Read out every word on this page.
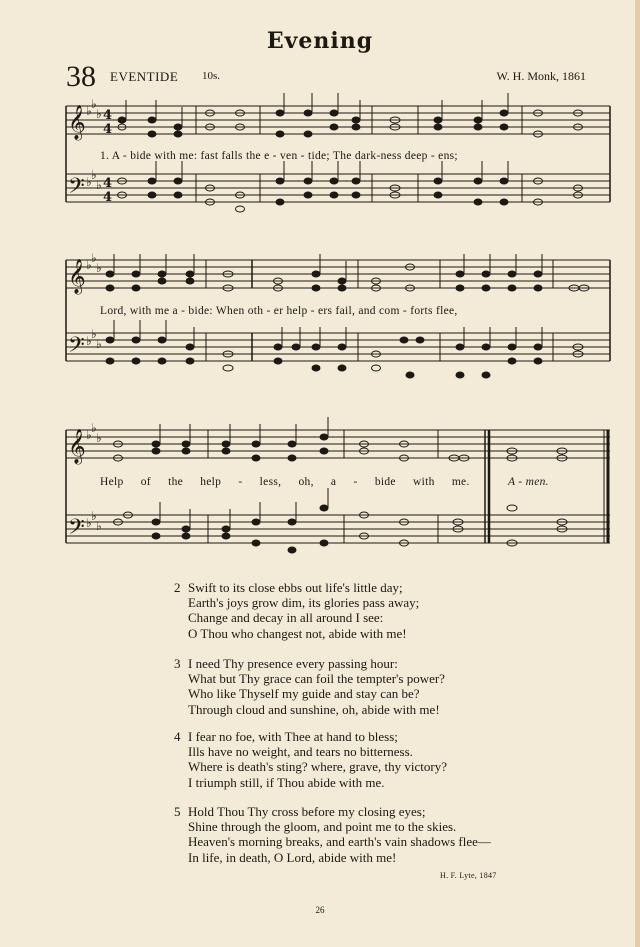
Evening
38 EVENTIDE 10s.	W. H. Monk, 1861
𝄞
𝄢
𝄞
𝄢
𝄞
𝄢
♭ ♭
♭
♭ ♭
♭
♭ ♭
♭
♭ ♭
♭
♭ ♭
♭
♭ ♭
♭
4
4
4
4
1. A - bide with me: fast falls the e - ven - tide; The dark-ness deep - ens;
Lord, with me a - bide: When oth - er help - ers fail, and com - forts flee,
Help of the help - less, oh, a - bide with me.	A - men.
2 Swift to its close ebbs out life's little day;
Earth's joys grow dim, its glories pass away;
Change and decay in all around I see:
O Thou who changest not, abide with me!
3 I need Thy presence every passing hour:
What but Thy grace can foil the tempter's power?
Who like Thyself my guide and stay can be?
Through cloud and sunshine, oh, abide with me!
4 I fear no foe, with Thee at hand to bless;
Ills have no weight, and tears no bitterness.
Where is death's sting? where, grave, thy victory?
I triumph still, if Thou abide with me.
5 Hold Thou Thy cross before my closing eyes;
Shine through the gloom, and point me to the skies.
Heaven's morning breaks, and earth's vain shadows flee—
In life, in death, O Lord, abide with me!
H. F. Lyte, 1847
26
